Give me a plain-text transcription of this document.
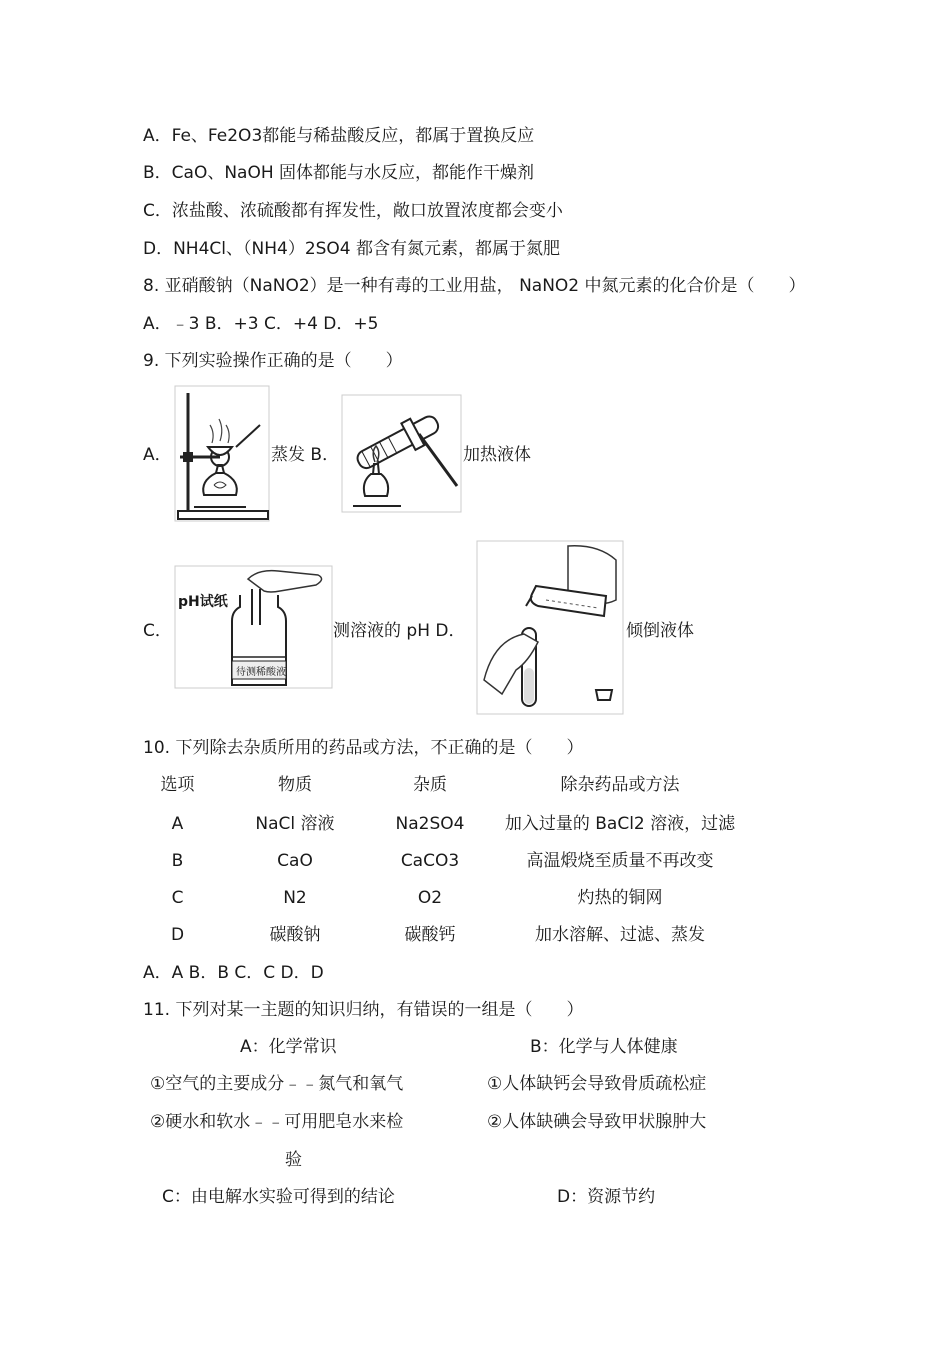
A．Fe、Fe2O3都能与稀盐酸反应，都属于置换反应
B．CaO、NaOH 固体都能与水反应，都能作干燥剂
C．浓盐酸、浓硫酸都有挥发性，敞口放置浓度都会变小
D．NH4Cl、（NH4）2SO4 都含有氮元素，都属于氮肥
8. 亚硝酸钠（NaNO2）是一种有毒的工业用盐， NaNO2 中氮元素的化合价是（　　）
A．﹣3 B．+3 C．+4 D．+5
9. 下列实验操作正确的是（　　）
A．	蒸发 B．	加热液体
C．
pH试纸
待测稀酸液
测溶液的 pH D．	倾倒液体
10. 下列除去杂质所用的药品或方法，不正确的是（　　）
选项	物质	杂质	除杂药品或方法
A	NaCl 溶液	Na2SO4	加入过量的 BaCl2 溶液，过滤
B	CaO	CaCO3	高温煅烧至质量不再改变
C	N2	O2	灼热的铜网
D	碳酸钠	碳酸钙	加水溶解、过滤、蒸发
A．A B．B C．C D．D
11. 下列对某一主题的知识归纳，有错误的一组是（　　）
A：化学常识	B：化学与人体健康
①空气的主要成分﹣﹣氮气和氧气	①人体缺钙会导致骨质疏松症
②硬水和软水﹣﹣可用肥皂水来检	②人体缺碘会导致甲状腺肿大
验
C：由电解水实验可得到的结论	D：资源节约
